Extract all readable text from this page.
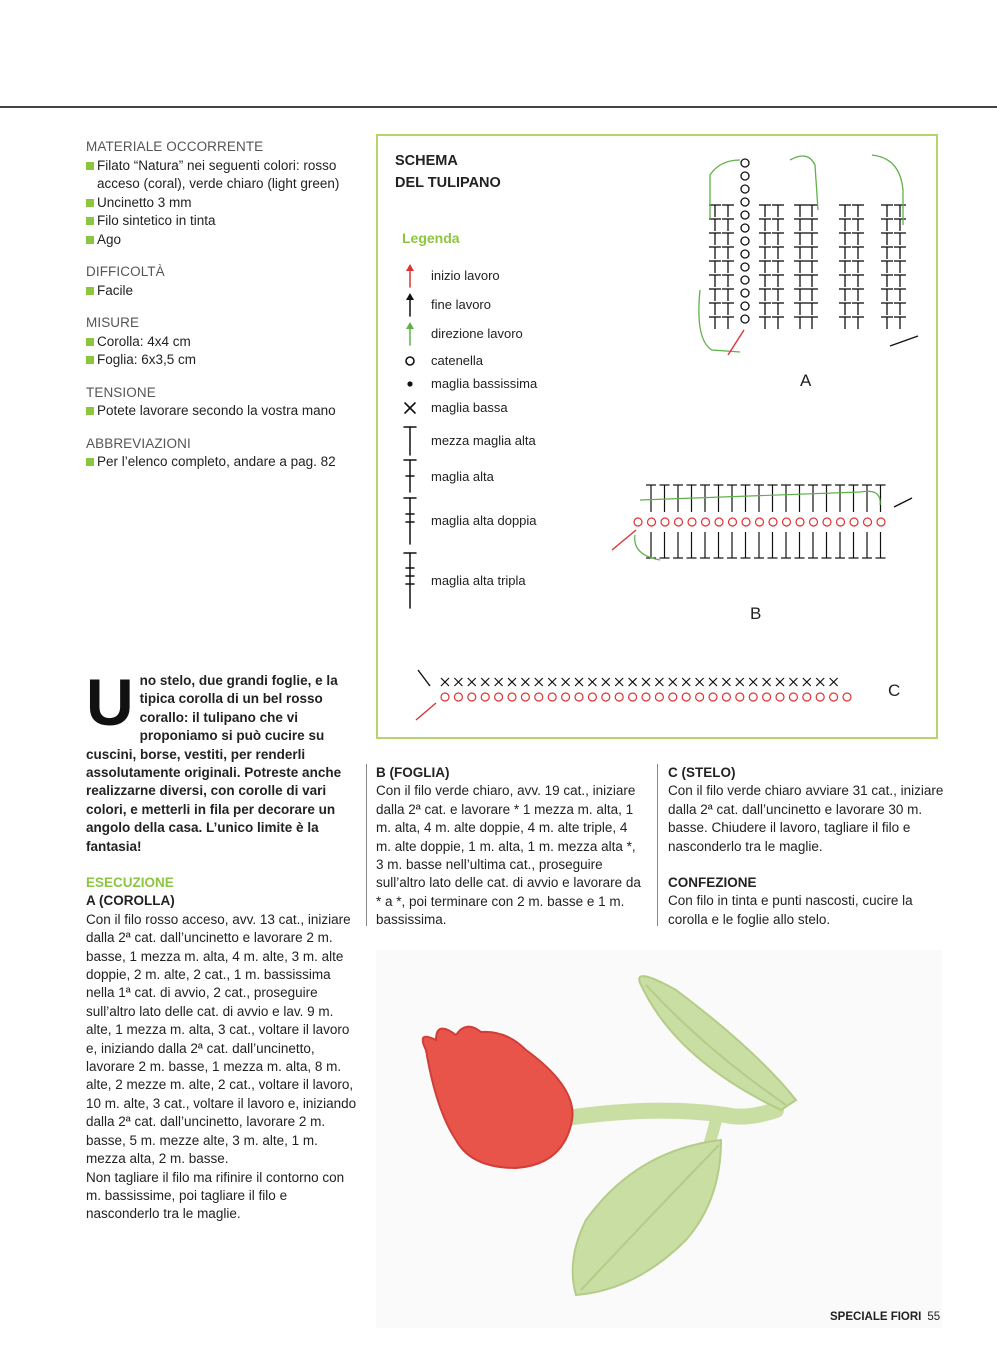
MATERIALE OCCORRENTE
Filato “Natura” nei seguenti colori: rosso acceso (coral), verde chiaro (light green)
Uncinetto 3 mm
Filo sintetico in tinta
Ago
DIFFICOLTÀ
Facile
MISURE
Corolla: 4x4 cm
Foglia: 6x3,5 cm
TENSIONE
Potete lavorare secondo la vostra mano
ABBREVIAZIONI
Per l’elenco completo, andare a pag. 82
SCHEMA
DEL TULIPANO
Legenda
inizio lavoro
fine lavoro
direzione lavoro
catenella
maglia bassissima
maglia bassa
mezza maglia alta
maglia alta
maglia alta doppia
maglia alta tripla
A
B
C
U no stelo, due grandi foglie, e la tipica corolla di un bel rosso corallo: il tulipano che vi proponiamo si può cucire su cuscini, borse, vestiti, per renderli assolutamente originali. Potreste anche realizzarne diversi, con corolle di vari colori, e metterli in fila per decorare un angolo della casa. L’unico limite è la fantasia!
ESECUZIONE
A (COROLLA)
Con il filo rosso acceso, avv. 13 cat., iniziare dalla 2ª cat. dall’uncinetto e lavorare 2 m. basse, 1 mezza m. alta, 4 m. alte, 3 m. alte doppie, 2 m. alte, 2 cat., 1 m. bassissima nella 1ª cat. di avvio, 2 cat., proseguire sull’altro lato delle cat. di avvio e lav. 9 m. alte, 1 mezza m. alta, 3 cat., voltare il lavoro e, iniziando dalla 2ª cat. dall’uncinetto, lavorare 2 m. basse, 1 mezza m. alta, 8 m. alte, 2 mezze m. alte, 2 cat., voltare il lavoro, 10 m. alte, 3 cat., voltare il lavoro e, iniziando dalla 2ª cat. dall’uncinetto, lavorare 2 m. basse, 5 m. mezze alte, 3 m. alte, 1 m. mezza alta, 2 m. basse.
Non tagliare il filo ma rifinire il contorno con m. bassissime, poi tagliare il filo e nasconderlo tra le maglie.
B (FOGLIA)
Con il filo verde chiaro, avv. 19 cat., iniziare dalla 2ª cat. e lavorare * 1 mezza m. alta, 1 m. alta, 4 m. alte doppie, 4 m. alte triple, 4 m. alte doppie, 1 m. alta, 1 m. mezza alta *, 3 m. basse nell’ultima cat., proseguire sull’altro lato delle cat. di avvio e lavorare da * a *, poi terminare con 2 m. basse e 1 m. bassissima.
C (STELO)
Con il filo verde chiaro avviare 31 cat., iniziare dalla 2ª cat. dall’uncinetto e lavorare 30 m. basse. Chiudere il lavoro, tagliare il filo e nasconderlo tra le maglie.
CONFEZIONE
Con filo in tinta e punti nascosti, cucire la corolla e le foglie allo stelo.
SPECIALE FIORI 55
